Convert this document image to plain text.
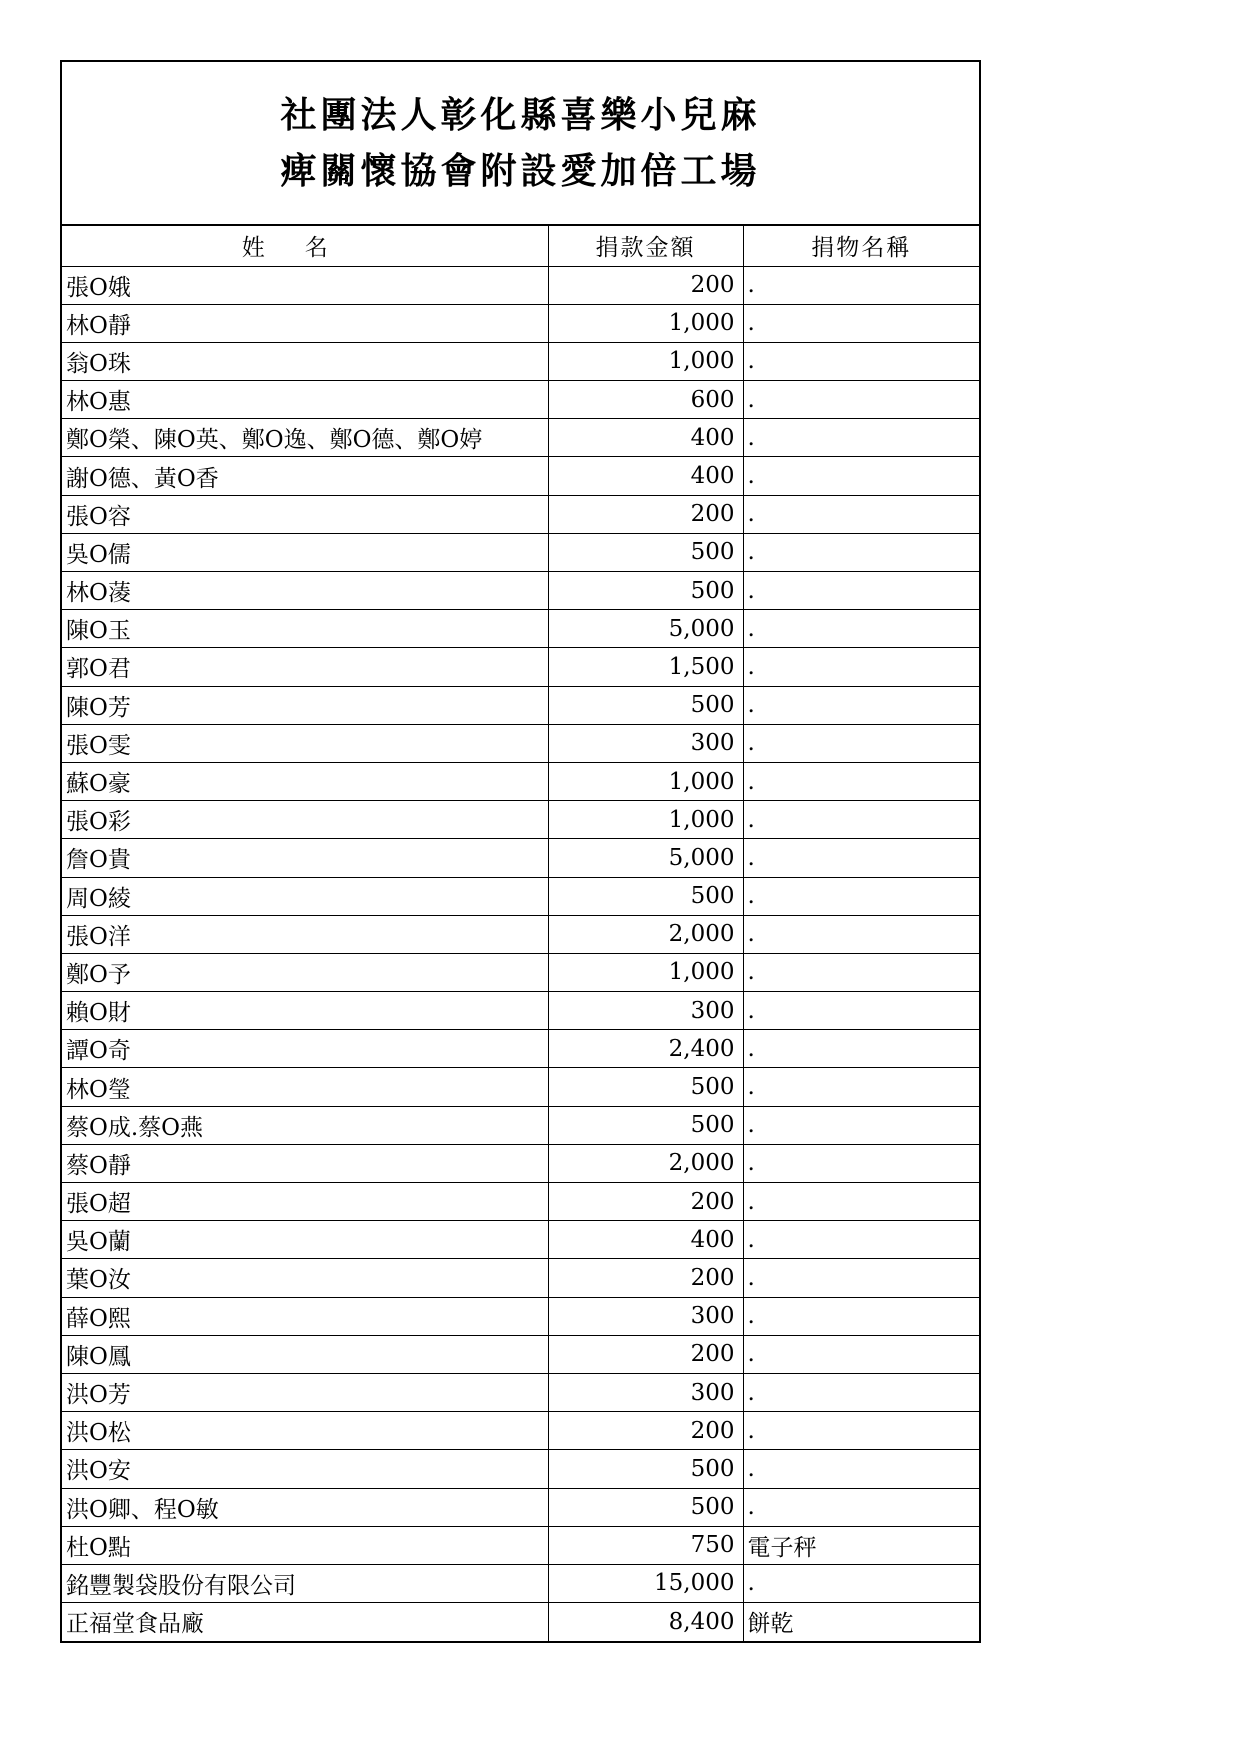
社團法人彰化縣喜樂小兒麻
痺關懷協會附設愛加倍工場
姓名	捐款金額	捐物名稱
張O娥	200	.
林O靜	1,000	.
翁O珠	1,000	.
林O惠	600	.
鄭O榮、陳O英、鄭O逸、鄭O德、鄭O婷	400	.
謝O德、黃O香	400	.
張O容	200	.
吳O儒	500	.
林O蓤	500	.
陳O玉	5,000	.
郭O君	1,500	.
陳O芳	500	.
張O雯	300	.
蘇O豪	1,000	.
張O彩	1,000	.
詹O貴	5,000	.
周O綾	500	.
張O洋	2,000	.
鄭O予	1,000	.
賴O財	300	.
譚O奇	2,400	.
林O瑩	500	.
蔡O成.蔡O燕	500	.
蔡O靜	2,000	.
張O超	200	.
吳O蘭	400	.
葉O汝	200	.
薛O熙	300	.
陳O鳳	200	.
洪O芳	300	.
洪O松	200	.
洪O安	500	.
洪O卿、程O敏	500	.
杜O點	750	電子秤
銘豐製袋股份有限公司	15,000	.
正福堂食品廠	8,400	餅乾
